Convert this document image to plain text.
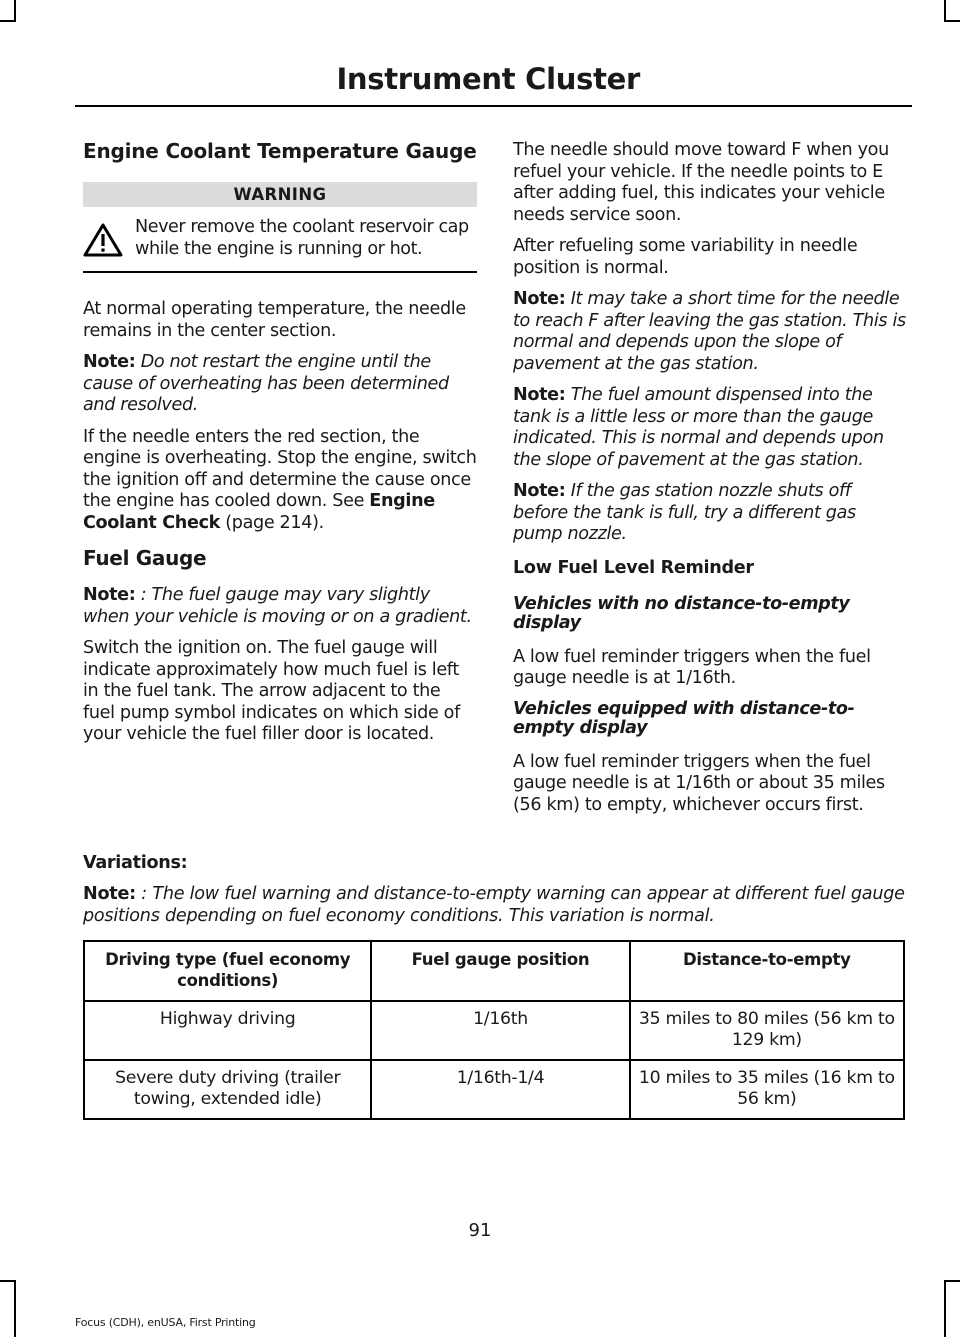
Instrument Cluster
Engine Coolant Temperature Gauge
WARNING
Never remove the coolant reservoir cap while the engine is running or hot.

At normal operating temperature, the needle remains in the center section.

Note: Do not restart the engine until the cause of overheating has been determined and resolved.

If the needle enters the red section, the engine is overheating. Stop the engine, switch the ignition off and determine the cause once the engine has cooled down. See Engine Coolant Check (page 214).

Fuel Gauge

Note: : The fuel gauge may vary slightly when your vehicle is moving or on a gradient.

Switch the ignition on. The fuel gauge will indicate approximately how much fuel is left in the fuel tank. The arrow adjacent to the fuel pump symbol indicates on which side of your vehicle the fuel filler door is located.

The needle should move toward F when you refuel your vehicle. If the needle points to E after adding fuel, this indicates your vehicle needs service soon.

After refueling some variability in needle position is normal.

Note: It may take a short time for the needle to reach F after leaving the gas station. This is normal and depends upon the slope of pavement at the gas station.

Note: The fuel amount dispensed into the tank is a little less or more than the gauge indicated. This is normal and depends upon the slope of pavement at the gas station.

Note: If the gas station nozzle shuts off before the tank is full, try a different gas pump nozzle.

Low Fuel Level Reminder
Vehicles with no distance-to-empty display

A low fuel reminder triggers when the fuel gauge needle is at 1/16th.

Vehicles equipped with distance-to-empty display

A low fuel reminder triggers when the fuel gauge needle is at 1/16th or about 35 miles (56 km) to empty, whichever occurs first.

Variations:

Note: : The low fuel warning and distance-to-empty warning can appear at different fuel gauge positions depending on fuel economy conditions. This variation is normal.

Driving type (fuel economy conditions)	Fuel gauge position	Distance-to-empty
Highway driving	1/16th	35 miles to 80 miles (56 km to 129 km)
Severe duty driving (trailer towing, extended idle)	1/16th-1/4	10 miles to 35 miles (16 km to 56 km)
91
Focus (CDH), enUSA, First Printing
